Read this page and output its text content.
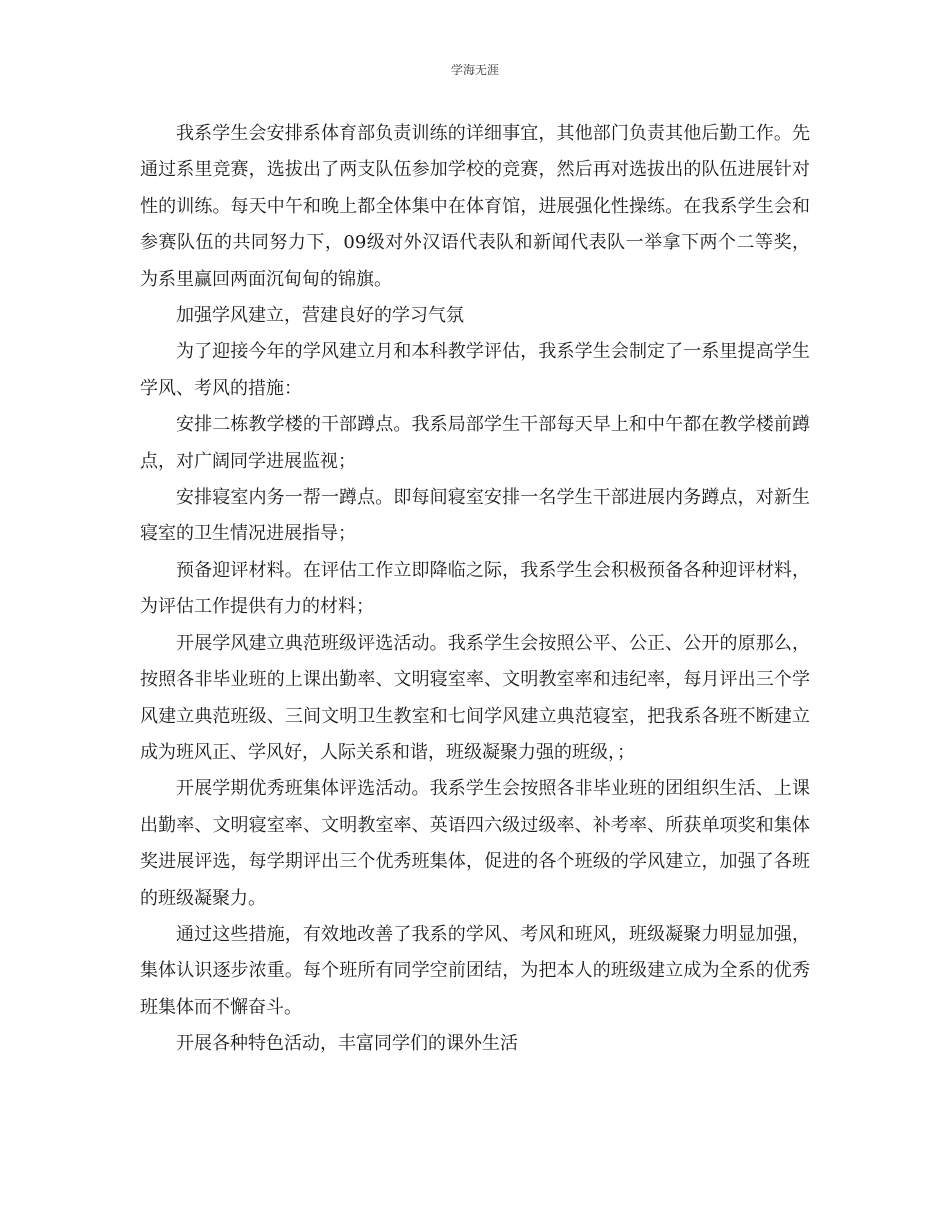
学海无涯

我系学生会安排系体育部负责训练的详细事宜，其他部门负责其他后勤工作。先通过系里竞赛，选拔出了两支队伍参加学校的竞赛，然后再对选拔出的队伍进展针对性的训练。每天中午和晚上都全体集中在体育馆，进展强化性操练。在我系学生会和参赛队伍的共同努力下，09级对外汉语代表队和新闻代表队一举拿下两个二等奖，为系里赢回两面沉甸甸的锦旗。

加强学风建立，营建良好的学习气氛

为了迎接今年的学风建立月和本科教学评估，我系学生会制定了一系里提高学生学风、考风的措施：

安排二栋教学楼的干部蹲点。我系局部学生干部每天早上和中午都在教学楼前蹲点，对广阔同学进展监视；

安排寝室内务一帮一蹲点。即每间寝室安排一名学生干部进展内务蹲点，对新生寝室的卫生情况进展指导；

预备迎评材料。在评估工作立即降临之际，我系学生会积极预备各种迎评材料，为评估工作提供有力的材料；

开展学风建立典范班级评选活动。我系学生会按照公平、公正、公开的原那么，按照各非毕业班的上课出勤率、文明寝室率、文明教室率和违纪率，每月评出三个学风建立典范班级、三间文明卫生教室和七间学风建立典范寝室，把我系各班不断建立成为班风正、学风好，人际关系和谐，班级凝聚力强的班级，；

开展学期优秀班集体评选活动。我系学生会按照各非毕业班的团组织生活、上课出勤率、文明寝室率、文明教室率、英语四六级过级率、补考率、所获单项奖和集体奖进展评选，每学期评出三个优秀班集体，促进的各个班级的学风建立，加强了各班的班级凝聚力。

通过这些措施，有效地改善了我系的学风、考风和班风，班级凝聚力明显加强，集体认识逐步浓重。每个班所有同学空前团结，为把本人的班级建立成为全系的优秀班集体而不懈奋斗。

开展各种特色活动，丰富同学们的课外生活
